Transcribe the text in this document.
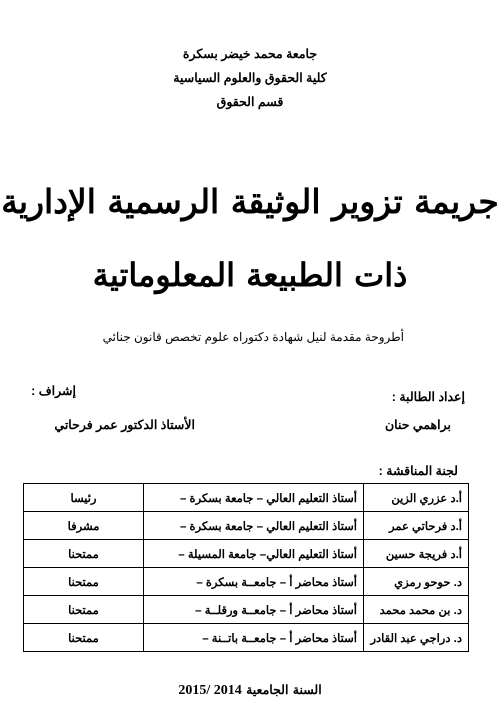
جامعة محمد خيضر بسكرة
كلية الحقوق والعلوم السياسية
قسم الحقوق
جريمة تزوير الوثيقة الرسمية الإدارية
ذات الطبيعة المعلوماتية
أطروحة مقدمة لنيل شهادة دكتوراه علوم تخصص قانون جنائي
إعداد الطالبة :
براهمي حنان
إشراف :
الأستاذ الدكتور عمر فرحاتي
لجنة المناقشة :
أ.د عزري الزين	أستاذ التعليم العالي – جامعة بسكرة –	رئيسا
أ.د فرحاتي عمر	أستاذ التعليم العالي – جامعة بسكرة –	مشرفا
أ.د فريجة حسين	أستاذ التعليم العالي– جامعة المسيلة –	ممتحنا
د. حوحو رمزي	أستاذ محاضر أ – جامعــة بسكرة –	ممتحنا
د. بن محمد محمد	أستاذ محاضر أ – جامعــة ورقلــة –	ممتحنا
د. دراجي عبد القادر	أستاذ محاضر أ – جامعــة باتــنة –	ممتحنا
السنة الجامعية 2014 /2015
